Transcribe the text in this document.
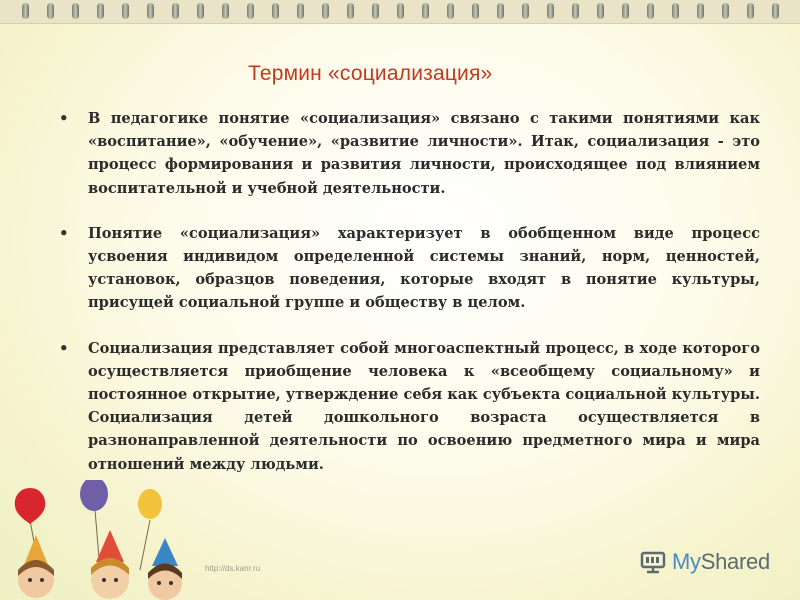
Термин «социализация»
• В педагогике понятие «социализация» связано с такими понятиями как «воспитание», «обучение», «развитие личности». Итак, социализация - это процесс формирования и развития личности, происходящее под влиянием воспитательной и учебной деятельности.
• Понятие «социализация» характеризует в обобщенном виде процесс усвоения индивидом определенной системы знаний, норм, ценностей, установок, образцов поведения, которые входят в понятие культуры, присущей социальной группе и обществу в целом.
• Социализация представляет собой многоаспектный процесс, в ходе которого осуществляется приобщение человека к «всеобщему социальному» и постоянное открытие, утверждение себя как субъекта социальной культуры. Социализация детей дошкольного возраста осуществляется в разнонаправленной деятельности по освоению предметного мира и мира отношений между людьми.
http://ds.kanr.ru	MyShared
